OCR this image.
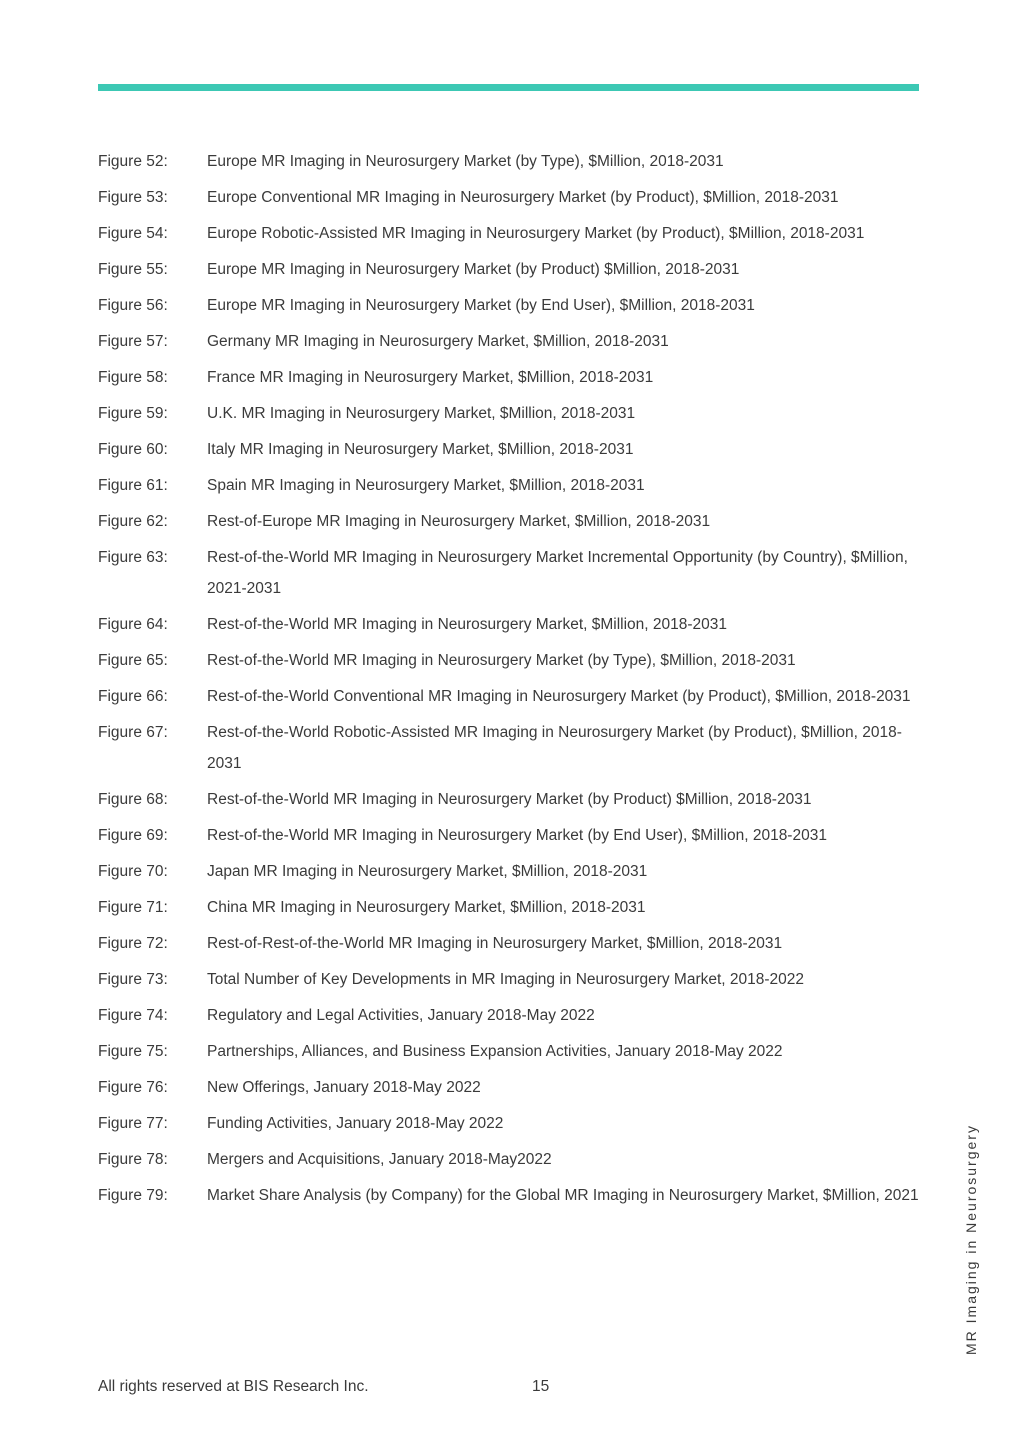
Figure 52:	Europe MR Imaging in Neurosurgery Market (by Type), $Million, 2018-2031
Figure 53:	Europe Conventional MR Imaging in Neurosurgery Market (by Product), $Million, 2018-2031
Figure 54:	Europe Robotic-Assisted MR Imaging in Neurosurgery Market (by Product), $Million, 2018-2031
Figure 55:	Europe MR Imaging in Neurosurgery Market (by Product) $Million, 2018-2031
Figure 56:	Europe MR Imaging in Neurosurgery Market (by End User), $Million, 2018-2031
Figure 57:	Germany MR Imaging in Neurosurgery Market, $Million, 2018-2031
Figure 58:	France MR Imaging in Neurosurgery Market, $Million, 2018-2031
Figure 59:	U.K. MR Imaging in Neurosurgery Market, $Million, 2018-2031
Figure 60:	Italy MR Imaging in Neurosurgery Market, $Million, 2018-2031
Figure 61:	Spain MR Imaging in Neurosurgery Market, $Million, 2018-2031
Figure 62:	Rest-of-Europe MR Imaging in Neurosurgery Market, $Million, 2018-2031
Figure 63:	Rest-of-the-World MR Imaging in Neurosurgery Market Incremental Opportunity (by Country), $Million, 2021-2031
Figure 64:	Rest-of-the-World MR Imaging in Neurosurgery Market, $Million, 2018-2031
Figure 65:	Rest-of-the-World MR Imaging in Neurosurgery Market (by Type), $Million, 2018-2031
Figure 66:	Rest-of-the-World Conventional MR Imaging in Neurosurgery Market (by Product), $Million, 2018-2031
Figure 67:	Rest-of-the-World Robotic-Assisted MR Imaging in Neurosurgery Market (by Product), $Million, 2018-2031
Figure 68:	Rest-of-the-World MR Imaging in Neurosurgery Market (by Product) $Million, 2018-2031
Figure 69:	Rest-of-the-World MR Imaging in Neurosurgery Market (by End User), $Million, 2018-2031
Figure 70:	Japan MR Imaging in Neurosurgery Market, $Million, 2018-2031
Figure 71:	China MR Imaging in Neurosurgery Market, $Million, 2018-2031
Figure 72:	Rest-of-Rest-of-the-World MR Imaging in Neurosurgery Market, $Million, 2018-2031
Figure 73:	Total Number of Key Developments in MR Imaging in Neurosurgery Market, 2018-2022
Figure 74:	Regulatory and Legal Activities, January 2018-May 2022
Figure 75:	Partnerships, Alliances, and Business Expansion Activities, January 2018-May 2022
Figure 76:	New Offerings, January 2018-May 2022
Figure 77:	Funding Activities, January 2018-May 2022
Figure 78:	Mergers and Acquisitions, January 2018-May2022
Figure 79:	Market Share Analysis (by Company) for the Global MR Imaging in Neurosurgery Market, $Million, 2021	MR Imaging in Neurosurgery
All rights reserved at BIS Research Inc.	15
